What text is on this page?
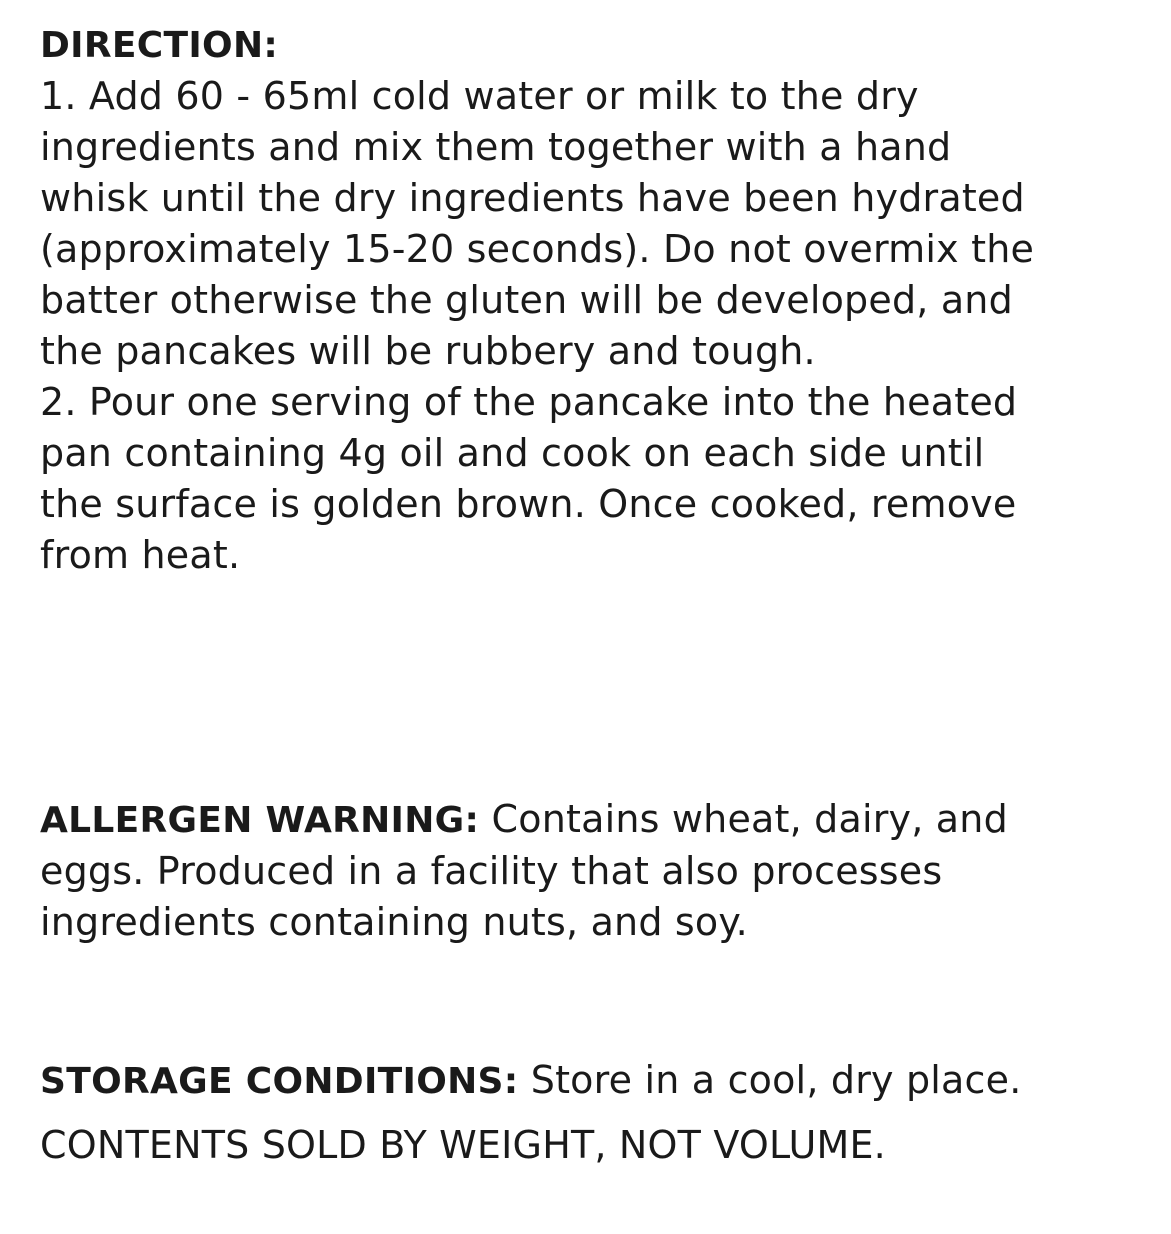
DIRECTION:
1. Add 60 - 65ml cold water or milk to the dry
ingredients and mix them together with a hand
whisk until the dry ingredients have been hydrated
(approximately 15-20 seconds). Do not overmix the
batter otherwise the gluten will be developed, and
the pancakes will be rubbery and tough.
2. Pour one serving of the pancake into the heated
pan containing 4g oil and cook on each side until
the surface is golden brown. Once cooked, remove
from heat.
ALLERGEN WARNING: Contains wheat, dairy, and
eggs. Produced in a facility that also processes
ingredients containing nuts, and soy.
STORAGE CONDITIONS: Store in a cool, dry place.
CONTENTS SOLD BY WEIGHT, NOT VOLUME.
